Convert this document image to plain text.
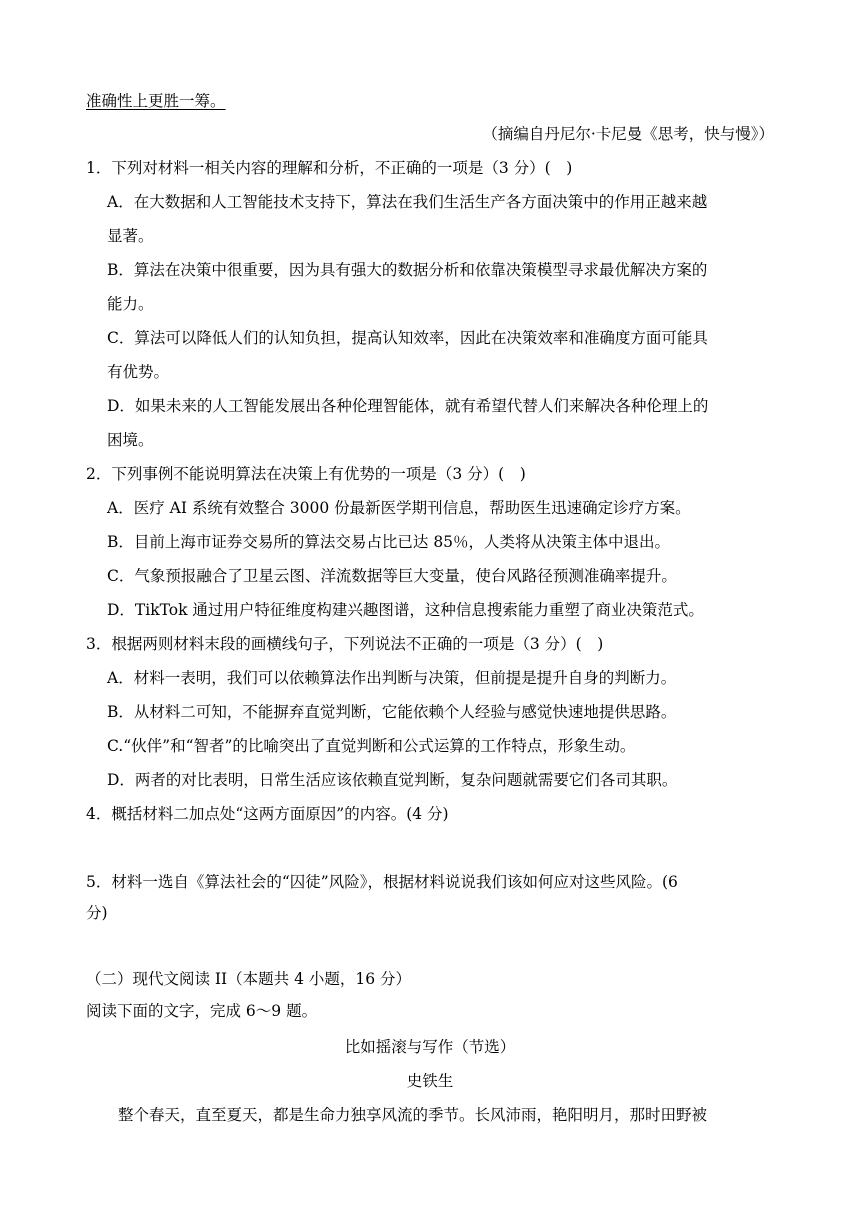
准确性上更胜一筹。
（摘编自丹尼尔·卡尼曼《思考，快与慢》）
1．下列对材料一相关内容的理解和分析，不正确的一项是（3 分）(　)
A．在大数据和人工智能技术支持下，算法在我们生活生产各方面决策中的作用正越来越
显著。
B．算法在决策中很重要，因为具有强大的数据分析和依靠决策模型寻求最优解决方案的
能力。
C．算法可以降低人们的认知负担，提高认知效率，因此在决策效率和准确度方面可能具
有优势。
D．如果未来的人工智能发展出各种伦理智能体，就有希望代替人们来解决各种伦理上的
困境。
2．下列事例不能说明算法在决策上有优势的一项是（3 分）(　)
A．医疗 AI 系统有效整合 3000 份最新医学期刊信息，帮助医生迅速确定诊疗方案。
B．目前上海市证券交易所的算法交易占比已达 85％，人类将从决策主体中退出。
C．气象预报融合了卫星云图、洋流数据等巨大变量，使台风路径预测准确率提升。
D．TikTok 通过用户特征维度构建兴趣图谱，这种信息搜索能力重塑了商业决策范式。
3．根据两则材料末段的画横线句子，下列说法不正确的一项是（3 分）(　)
A．材料一表明，我们可以依赖算法作出判断与决策，但前提是提升自身的判断力。
B．从材料二可知，不能摒弃直觉判断，它能依赖个人经验与感觉快速地提供思路。
C.“伙伴”和“智者”的比喻突出了直觉判断和公式运算的工作特点，形象生动。
D．两者的对比表明，日常生活应该依赖直觉判断，复杂问题就需要它们各司其职。
4．概括材料二加点处“这两方面原因”的内容。(4 分)
5．材料一选自《算法社会的“囚徒”风险》，根据材料说说我们该如何应对这些风险。(6
分)
（二）现代文阅读 II（本题共 4 小题，16 分）
阅读下面的文字，完成 6～9 题。
比如摇滚与写作（节选）
史铁生
整个春天，直至夏天，都是生命力独享风流的季节。长风沛雨，艳阳明月，那时田野被
